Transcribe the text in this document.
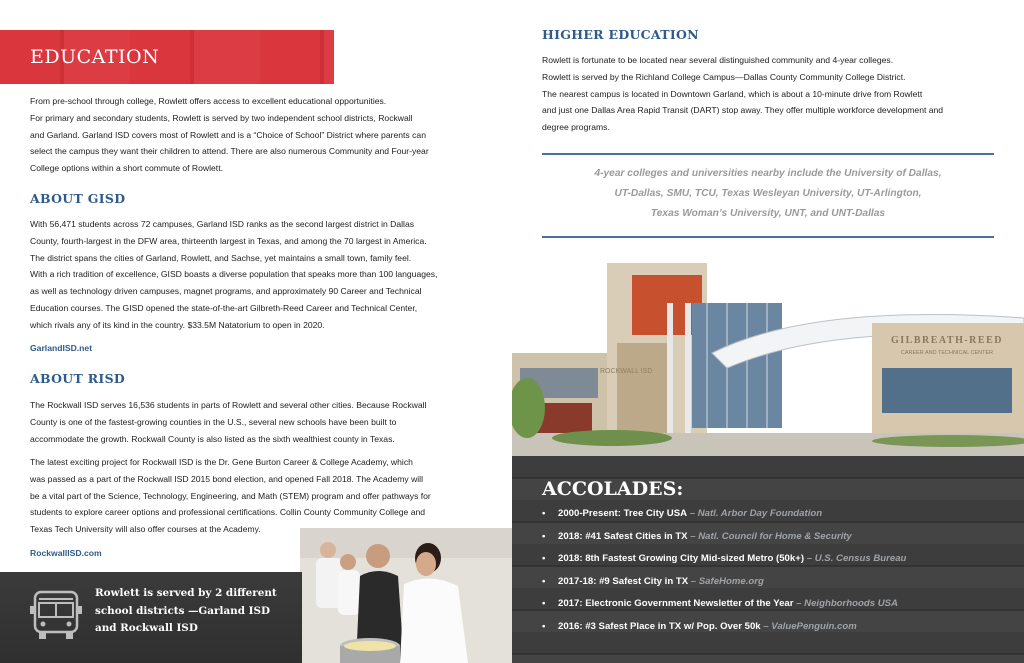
EDUCATION
From pre-school through college, Rowlett offers access to excellent educational opportunities.
For primary and secondary students, Rowlett is served by two independent school districts, Rockwall
and Garland. Garland ISD covers most of Rowlett and is a “Choice of School” District where parents can
select the campus they want their children to attend. There are also numerous Community and Four-year
College options within a short commute of Rowlett.
ABOUT GISD
With 56,471 students across 72 campuses, Garland ISD ranks as the second largest district in Dallas
County, fourth-largest in the DFW area, thirteenth largest in Texas, and among the 70 largest in America.
The district spans the cities of Garland, Rowlett, and Sachse, yet maintains a small town, family feel.
With a rich tradition of excellence, GISD boasts a diverse population that speaks more than 100 languages,
as well as technology driven campuses, magnet programs, and approximately 90 Career and Technical
Education courses. The GISD opened the state-of-the-art Gilbreth-Reed Career and Technical Center,
which rivals any of its kind in the country. $33.5M Natatorium to open in 2020.
GarlandISD.net
ABOUT RISD
The Rockwall ISD serves 16,536 students in parts of Rowlett and several other cities. Because Rockwall
County is one of the fastest-growing counties in the U.S., several new schools have been built to
accommodate the growth. Rockwall County is also listed as the sixth wealthiest county in Texas.
The latest exciting project for Rockwall ISD is the Dr. Gene Burton Career & College Academy, which
was passed as a part of the Rockwall ISD 2015 bond election, and opened Fall 2018. The Academy will
be a vital part of the Science, Technology, Engineering, and Math (STEM) program and offer pathways for
students to explore career options and professional certifications. Collin County Community College and
Texas Tech University will also offer courses at the Academy.
RockwallISD.com
Rowlett is served by 2 different
school districts —Garland ISD
and Rockwall ISD
HIGHER EDUCATION
Rowlett is fortunate to be located near several distinguished community and 4-year colleges.
Rowlett is served by the Richland College Campus—Dallas County Community College District.
The nearest campus is located in Downtown Garland, which is about a 10-minute drive from Rowlett
and just one Dallas Area Rapid Transit (DART) stop away. They offer multiple workforce development and
degree programs.
4-year colleges and universities nearby include the University of Dallas,
UT-Dallas, SMU, TCU, Texas Wesleyan University, UT-Arlington,
Texas Woman’s University, UNT, and UNT-Dallas
ROCKWALL ISD
GILBREATH-REED
CAREER AND TECHNICAL CENTER
ACCOLADES:
• 2000-Present: Tree City USA – Natl. Arbor Day Foundation
• 2018: #41 Safest Cities in TX – Natl. Council for Home & Security
• 2018: 8th Fastest Growing City Mid-sized Metro (50k+) – U.S. Census Bureau
• 2017-18: #9 Safest City in TX – SafeHome.org
• 2017: Electronic Government Newsletter of the Year – Neighborhoods USA
• 2016: #3 Safest Place in TX w/ Pop. Over 50k – ValuePenguin.com
